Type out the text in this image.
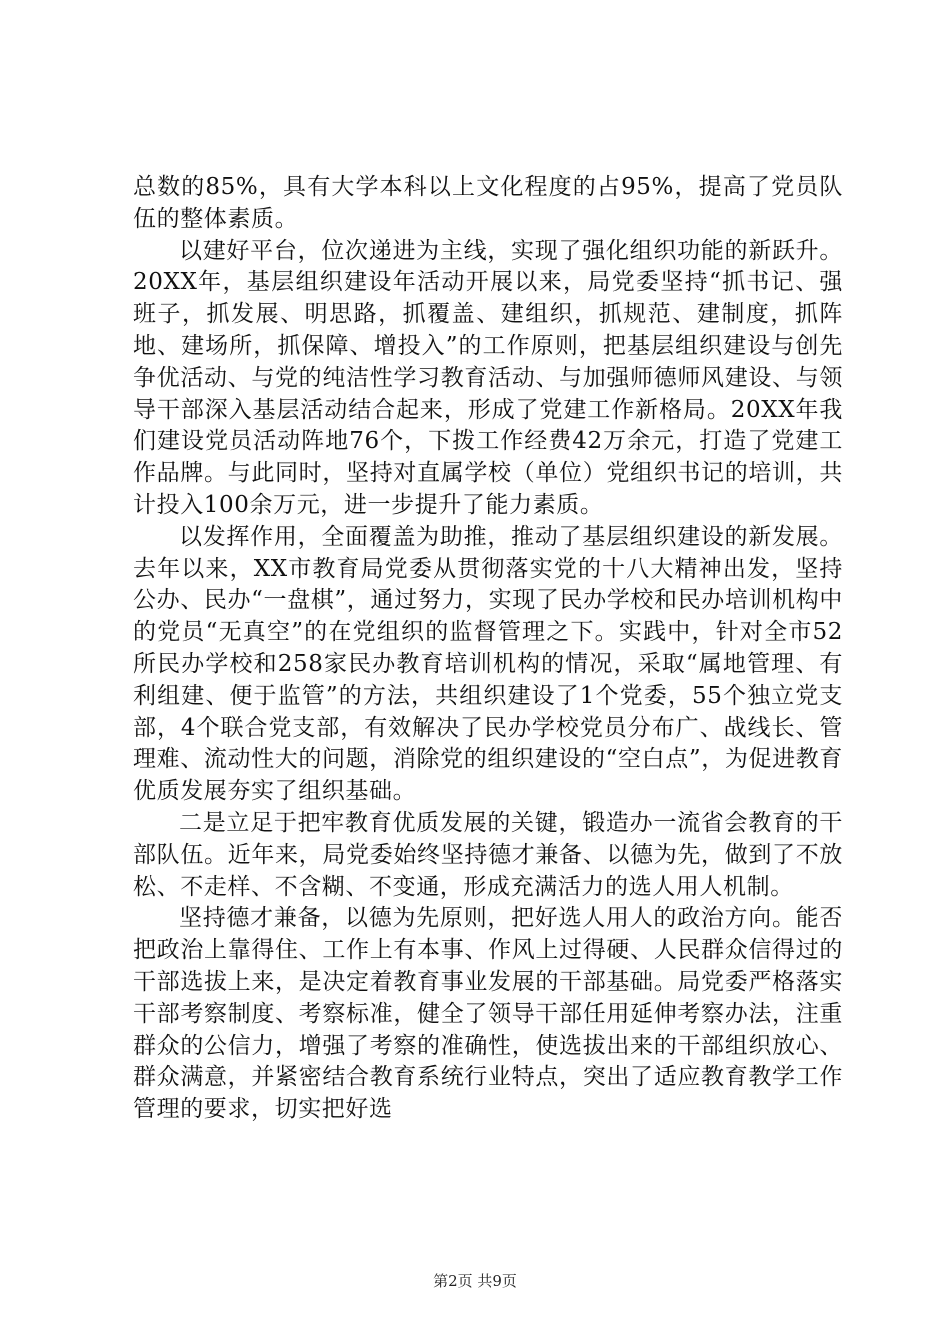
总数的85%，具有大学本科以上文化程度的占95%，提高了党员队伍的整体素质。

以建好平台，位次递进为主线，实现了强化组织功能的新跃升。20XX年，基层组织建设年活动开展以来，局党委坚持“抓书记、强班子，抓发展、明思路，抓覆盖、建组织，抓规范、建制度，抓阵地、建场所，抓保障、增投入”的工作原则，把基层组织建设与创先争优活动、与党的纯洁性学习教育活动、与加强师德师风建设、与领导干部深入基层活动结合起来，形成了党建工作新格局。20XX年我们建设党员活动阵地76个，下拨工作经费42万余元，打造了党建工作品牌。与此同时，坚持对直属学校（单位）党组织书记的培训，共计投入100余万元，进一步提升了能力素质。

以发挥作用，全面覆盖为助推，推动了基层组织建设的新发展。去年以来，XX市教育局党委从贯彻落实党的十八大精神出发，坚持公办、民办“一盘棋”，通过努力，实现了民办学校和民办培训机构中的党员“无真空”的在党组织的监督管理之下。实践中，针对全市52所民办学校和258家民办教育培训机构的情况，采取“属地管理、有利组建、便于监管”的方法，共组织建设了1个党委，55个独立党支部，4个联合党支部，有效解决了民办学校党员分布广、战线长、管理难、流动性大的问题，消除党的组织建设的“空白点”，为促进教育优质发展夯实了组织基础。

二是立足于把牢教育优质发展的关键，锻造办一流省会教育的干部队伍。近年来，局党委始终坚持德才兼备、以德为先，做到了不放松、不走样、不含糊、不变通，形成充满活力的选人用人机制。

坚持德才兼备，以德为先原则，把好选人用人的政治方向。能否把政治上靠得住、工作上有本事、作风上过得硬、人民群众信得过的干部选拔上来，是决定着教育事业发展的干部基础。局党委严格落实干部考察制度、考察标准，健全了领导干部任用延伸考察办法，注重群众的公信力，增强了考察的准确性，使选拔出来的干部组织放心、群众满意，并紧密结合教育系统行业特点，突出了适应教育教学工作管理的要求，切实把好选

第2页 共9页
